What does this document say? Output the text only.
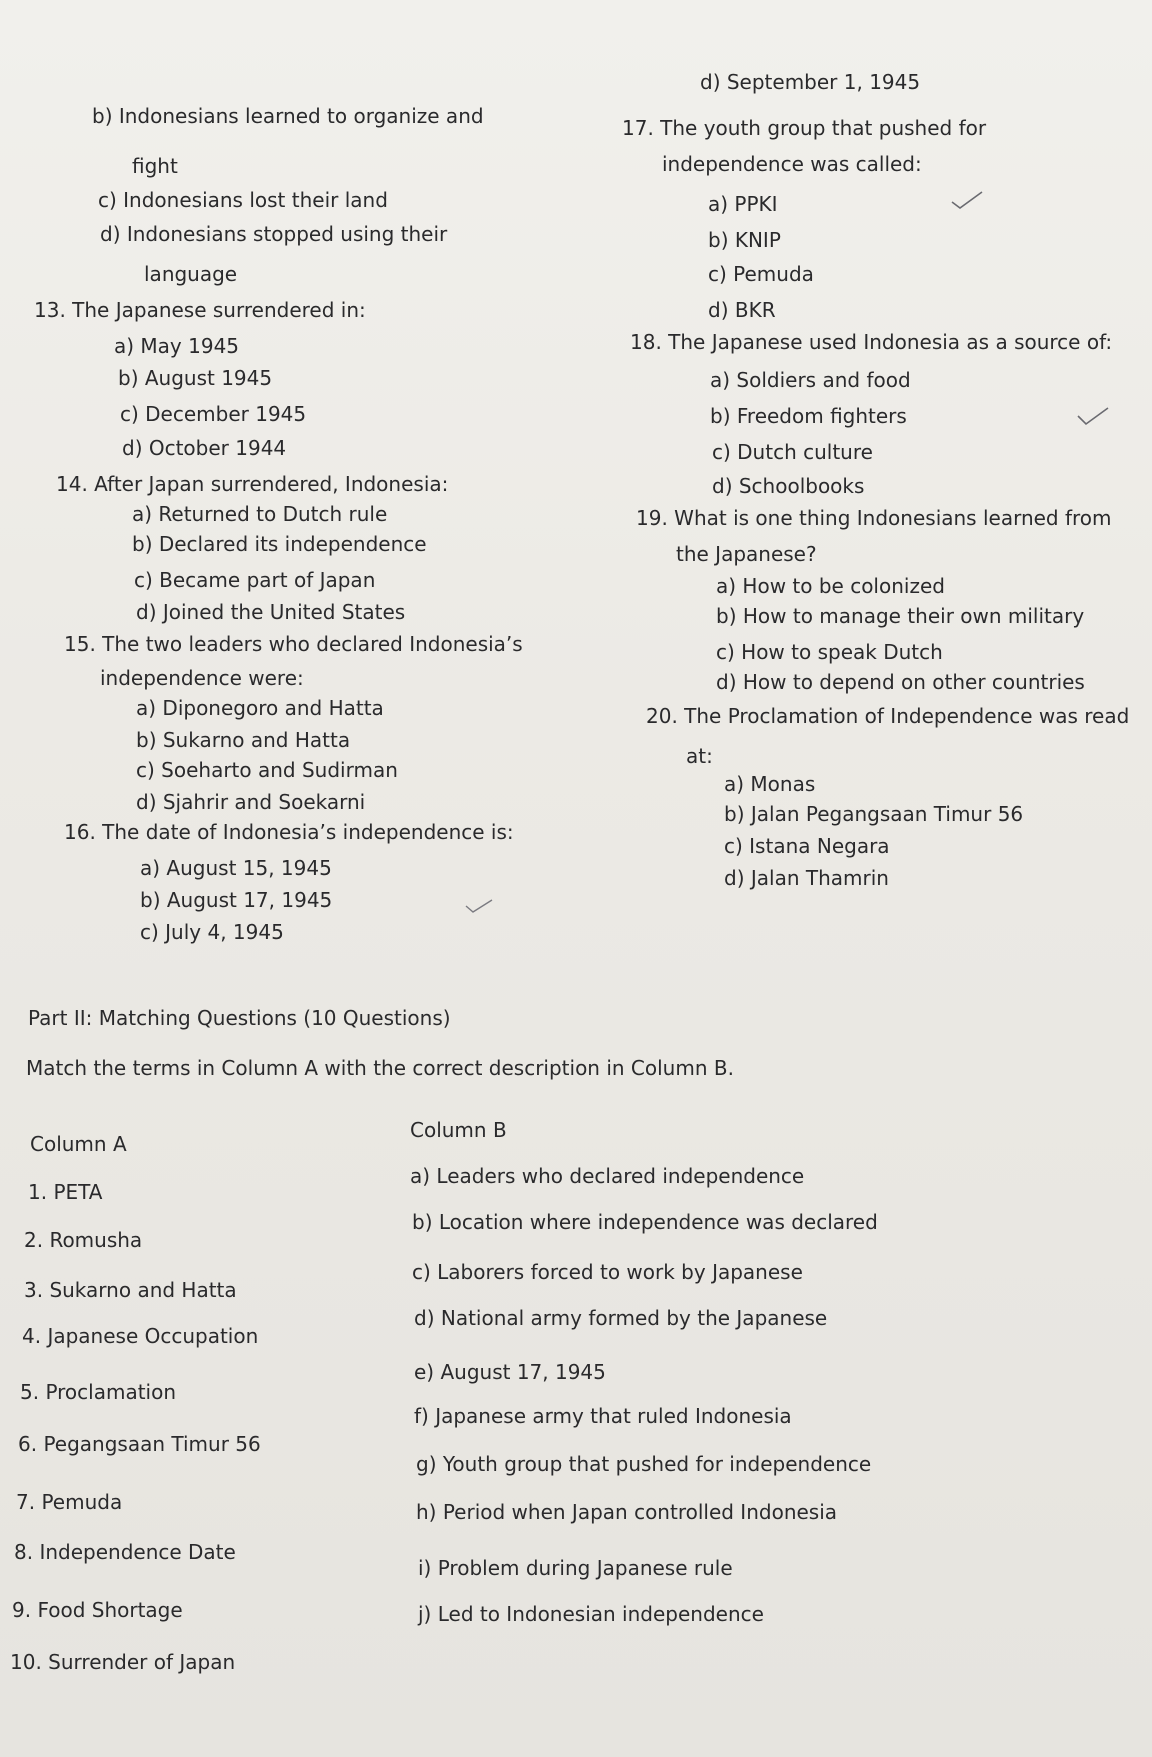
b) Indonesians learned to organize and
fight
c) Indonesians lost their land
d) Indonesians stopped using their
language
13. The Japanese surrendered in:
a) May 1945
b) August 1945
c) December 1945
d) October 1944
14. After Japan surrendered, Indonesia:
a) Returned to Dutch rule
b) Declared its independence
c) Became part of Japan
d) Joined the United States
15. The two leaders who declared Indonesia’s
independence were:
a) Diponegoro and Hatta
b) Sukarno and Hatta
c) Soeharto and Sudirman
d) Sjahrir and Soekarni
16. The date of Indonesia’s independence is:
a) August 15, 1945
b) August 17, 1945
c) July 4, 1945
d) September 1, 1945
17. The youth group that pushed for
independence was called:
a) PPKI
b) KNIP
c) Pemuda
d) BKR
18. The Japanese used Indonesia as a source of:
a) Soldiers and food
b) Freedom fighters
c) Dutch culture
d) Schoolbooks
19. What is one thing Indonesians learned from
the Japanese?
a) How to be colonized
b) How to manage their own military
c) How to speak Dutch
d) How to depend on other countries
20. The Proclamation of Independence was read
at:
a) Monas
b) Jalan Pegangsaan Timur 56
c) Istana Negara
d) Jalan Thamrin
Part II: Matching Questions (10 Questions)
Match the terms in Column A with the correct description in Column B.
Column A
Column B
1. PETA
2. Romusha
3. Sukarno and Hatta
4. Japanese Occupation
5. Proclamation
6. Pegangsaan Timur 56
7. Pemuda
8. Independence Date
9. Food Shortage
10. Surrender of Japan
a) Leaders who declared independence
b) Location where independence was declared
c) Laborers forced to work by Japanese
d) National army formed by the Japanese
e) August 17, 1945
f) Japanese army that ruled Indonesia
g) Youth group that pushed for independence
h) Period when Japan controlled Indonesia
i) Problem during Japanese rule
j) Led to Indonesian independence
